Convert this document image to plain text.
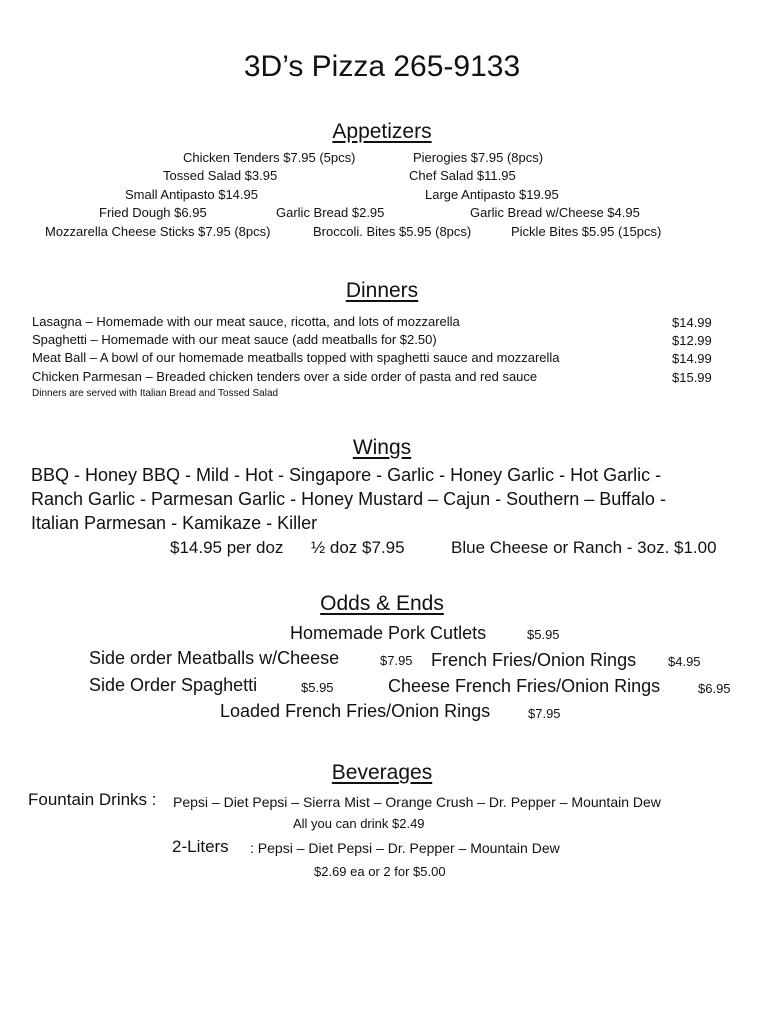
3D’s Pizza 265-9133
Appetizers
Chicken Tenders $7.95 (5pcs)	Pierogies $7.95 (8pcs)
Tossed Salad $3.95	Chef Salad $11.95
Small Antipasto $14.95	Large Antipasto $19.95
Fried Dough $6.95	Garlic Bread $2.95	Garlic Bread w/Cheese $4.95
Mozzarella Cheese Sticks $7.95 (8pcs)	Broccoli. Bites $5.95 (8pcs)	Pickle Bites $5.95 (15pcs)
Dinners
Lasagna – Homemade with our meat sauce, ricotta, and lots of mozzarella	$14.99
Spaghetti – Homemade with our meat sauce (add meatballs for $2.50)	$12.99
Meat Ball – A bowl of our homemade meatballs topped with spaghetti sauce and mozzarella	$14.99
Chicken Parmesan – Breaded chicken tenders over a side order of pasta and red sauce	$15.99
Dinners are served with Italian Bread and Tossed Salad
Wings
BBQ - Honey BBQ - Mild - Hot - Singapore - Garlic - Honey Garlic - Hot Garlic -
Ranch Garlic - Parmesan Garlic - Honey Mustard – Cajun - Southern – Buffalo -
Italian Parmesan - Kamikaze - Killer
$14.95 per doz ½ doz $7.95	Blue Cheese or Ranch - 3oz. $1.00
Odds & Ends
Homemade Pork Cutlets	$5.95
Side order Meatballs w/Cheese	$7.95 French Fries/Onion Rings $4.95
Side Order Spaghetti	$5.95	Cheese French Fries/Onion Rings	$6.95
Loaded French Fries/Onion Rings	$7.95
Beverages
Fountain Drinks : Pepsi – Diet Pepsi – Sierra Mist – Orange Crush – Dr. Pepper – Mountain Dew
All you can drink $2.49
2-Liters : Pepsi – Diet Pepsi – Dr. Pepper – Mountain Dew
$2.69 ea or 2 for $5.00
